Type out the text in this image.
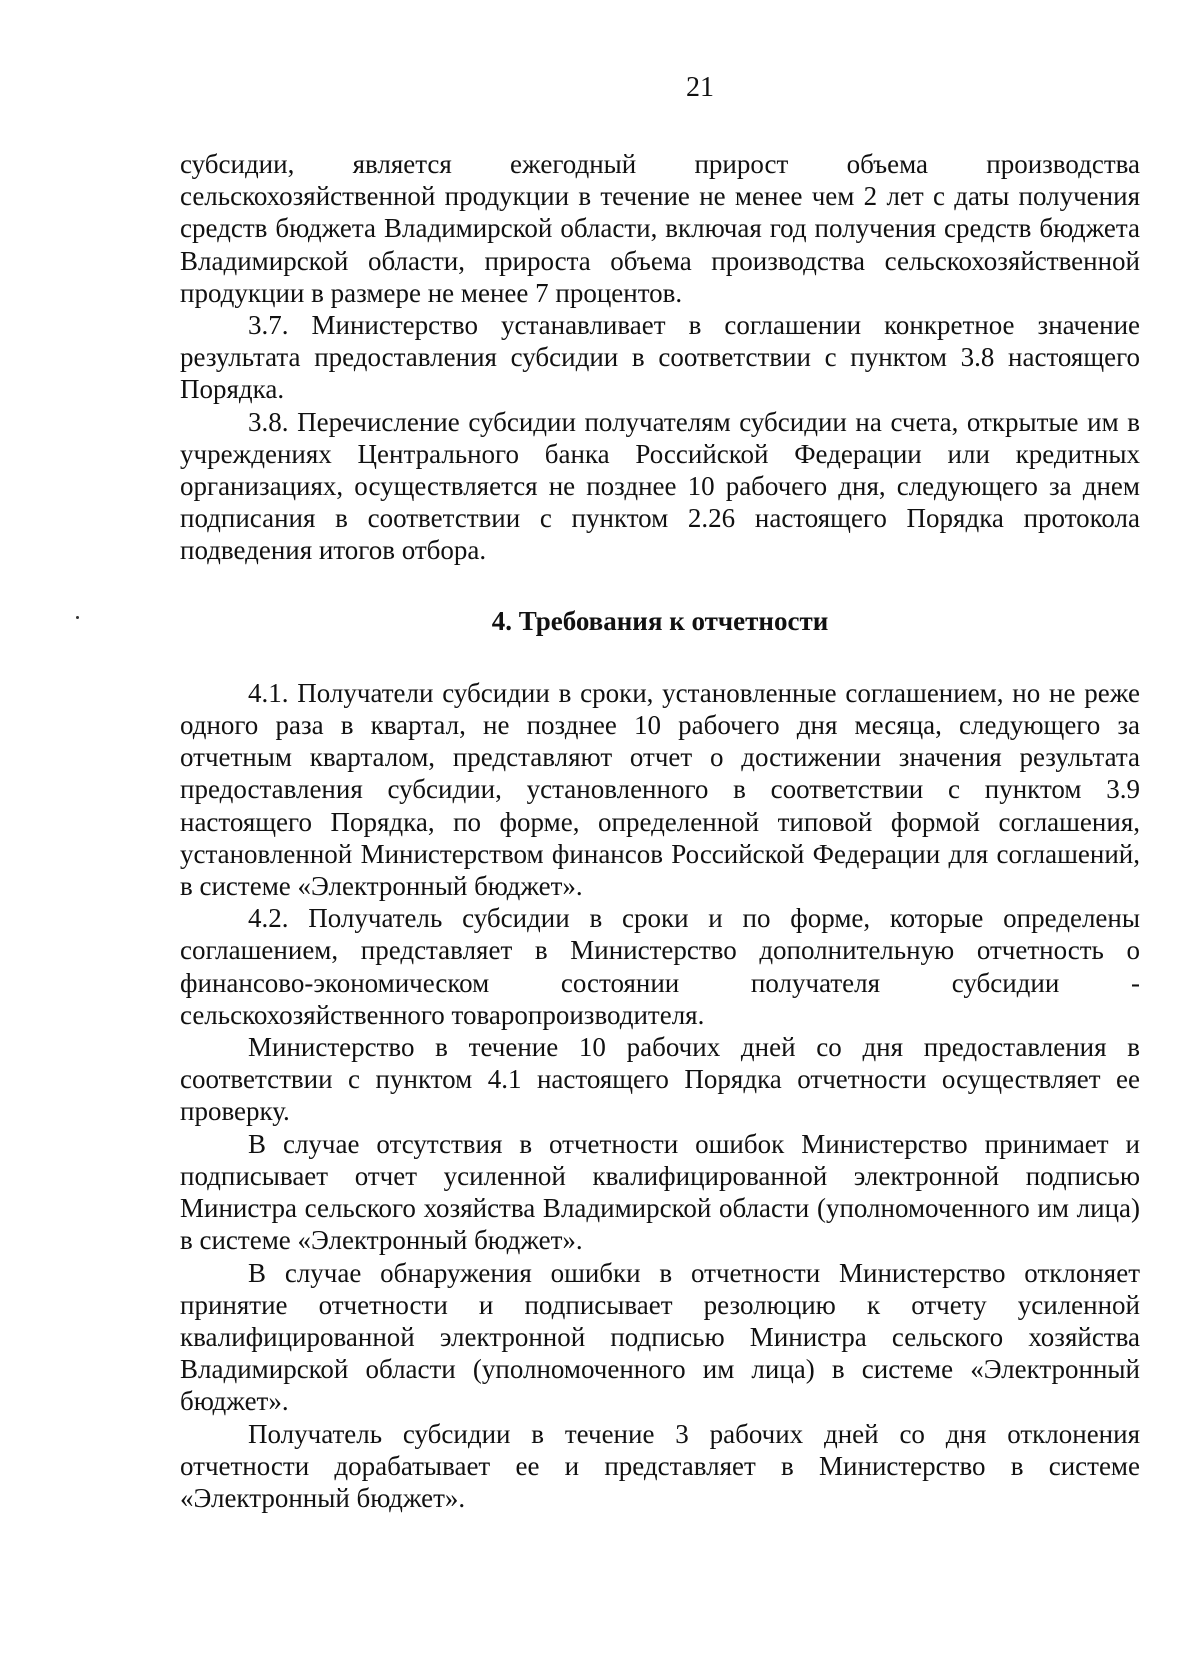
21

субсидии, является ежегодный прирост объема производства сельскохозяйственной продукции в течение не менее чем 2 лет с даты получения средств бюджета Владимирской области, включая год получения средств бюджета Владимирской области, прироста объема производства сельскохозяйственной продукции в размере не менее 7 процентов.

3.7. Министерство устанавливает в соглашении конкретное значение результата предоставления субсидии в соответствии с пунктом 3.8 настоящего Порядка.

3.8. Перечисление субсидии получателям субсидии на счета, открытые им в учреждениях Центрального банка Российской Федерации или кредитных организациях, осуществляется не позднее 10 рабочего дня, следующего за днем подписания в соответствии с пунктом 2.26 настоящего Порядка протокола подведения итогов отбора.

4. Требования к отчетности

4.1. Получатели субсидии в сроки, установленные соглашением, но не реже одного раза в квартал, не позднее 10 рабочего дня месяца, следующего за отчетным кварталом, представляют отчет о достижении значения результата предоставления субсидии, установленного в соответствии с пунктом 3.9 настоящего Порядка, по форме, определенной типовой формой соглашения, установленной Министерством финансов Российской Федерации для соглашений, в системе «Электронный бюджет».

4.2. Получатель субсидии в сроки и по форме, которые определены соглашением, представляет в Министерство дополнительную отчетность о финансово-экономическом состоянии получателя субсидии - сельскохозяйственного товаропроизводителя.

Министерство в течение 10 рабочих дней со дня предоставления в соответствии с пунктом 4.1 настоящего Порядка отчетности осуществляет ее проверку.

В случае отсутствия в отчетности ошибок Министерство принимает и подписывает отчет усиленной квалифицированной электронной подписью Министра сельского хозяйства Владимирской области (уполномоченного им лица) в системе «Электронный бюджет».

В случае обнаружения ошибки в отчетности Министерство отклоняет принятие отчетности и подписывает резолюцию к отчету усиленной квалифицированной электронной подписью Министра сельского хозяйства Владимирской области (уполномоченного им лица) в системе «Электронный бюджет».

Получатель субсидии в течение 3 рабочих дней со дня отклонения отчетности дорабатывает ее и представляет в Министерство в системе «Электронный бюджет».
